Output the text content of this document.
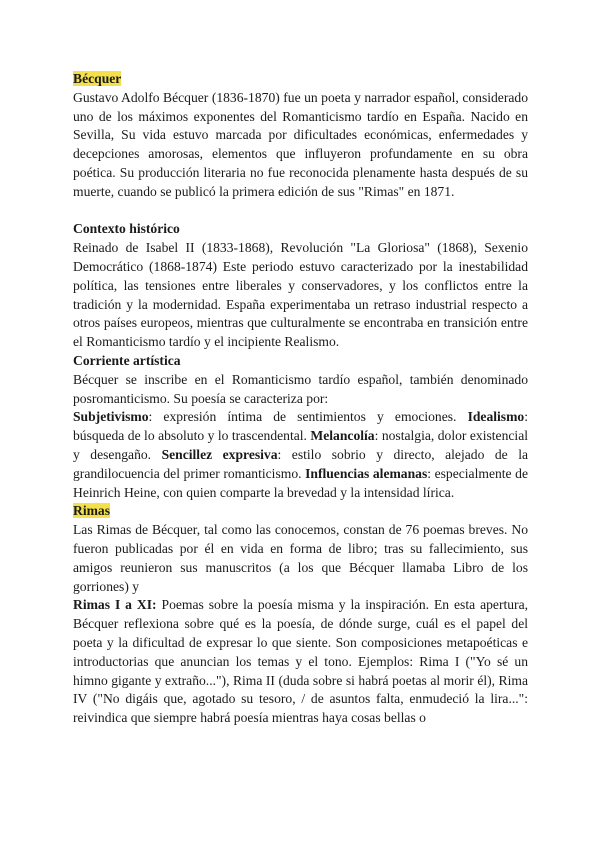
Bécquer

Gustavo Adolfo Bécquer (1836-1870) fue un poeta y narrador español, considerado uno de los máximos exponentes del Romanticismo tardío en España. Nacido en Sevilla, Su vida estuvo marcada por dificultades económicas, enfermedades y decepciones amorosas, elementos que influyeron profundamente en su obra poética. Su producción literaria no fue reconocida plenamente hasta después de su muerte, cuando se publicó la primera edición de sus "Rimas" en 1871.

Contexto histórico

Reinado de Isabel II (1833-1868), Revolución "La Gloriosa" (1868), Sexenio Democrático (1868-1874) Este periodo estuvo caracterizado por la inestabilidad política, las tensiones entre liberales y conservadores, y los conflictos entre la tradición y la modernidad. España experimentaba un retraso industrial respecto a otros países europeos, mientras que culturalmente se encontraba en transición entre el Romanticismo tardío y el incipiente Realismo.

Corriente artística

Bécquer se inscribe en el Romanticismo tardío español, también denominado posromanticismo. Su poesía se caracteriza por:

Subjetivismo: expresión íntima de sentimientos y emociones. Idealismo: búsqueda de lo absoluto y lo trascendental. Melancolía: nostalgia, dolor existencial y desengaño. Sencillez expresiva: estilo sobrio y directo, alejado de la grandilocuencia del primer romanticismo. Influencias alemanas: especialmente de Heinrich Heine, con quien comparte la brevedad y la intensidad lírica.

Rimas

Las Rimas de Bécquer, tal como las conocemos, constan de 76 poemas breves. No fueron publicadas por él en vida en forma de libro; tras su fallecimiento, sus amigos reunieron sus manuscritos (a los que Bécquer llamaba Libro de los gorriones) y

Rimas I a XI: Poemas sobre la poesía misma y la inspiración. En esta apertura, Bécquer reflexiona sobre qué es la poesía, de dónde surge, cuál es el papel del poeta y la dificultad de expresar lo que siente. Son composiciones metapoéticas e introductorias que anuncian los temas y el tono. Ejemplos: Rima I ("Yo sé un himno gigante y extraño..."), Rima II (duda sobre si habrá poetas al morir él), Rima IV ("No digáis que, agotado su tesoro, / de asuntos falta, enmudeció la lira...": reivindica que siempre habrá poesía mientras haya cosas bellas o
